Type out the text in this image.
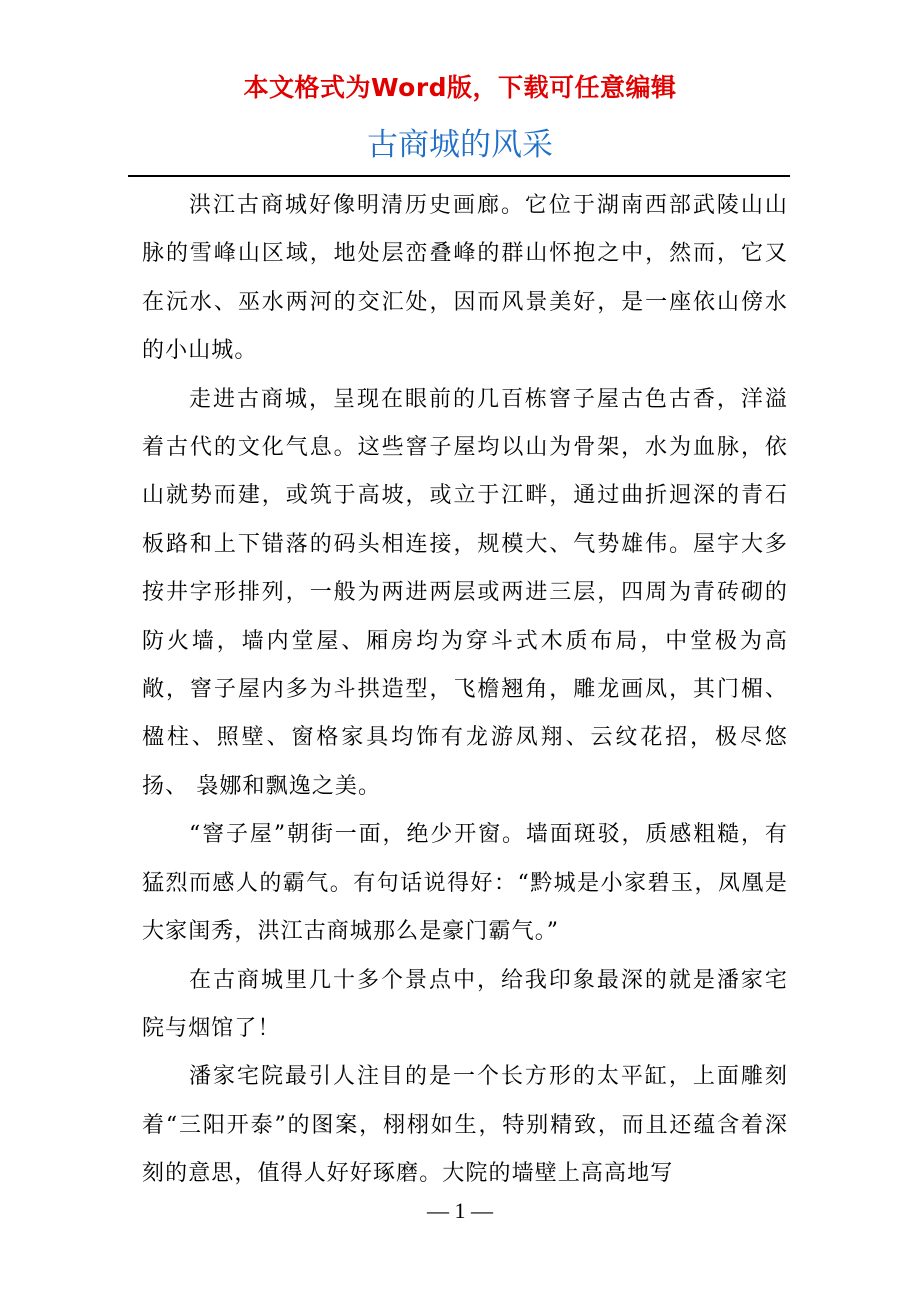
本文格式为Word版，下载可任意编辑
古商城的风采

洪江古商城好像明清历史画廊。它位于湖南西部武陵山山脉的雪峰山区域，地处层峦叠峰的群山怀抱之中，然而，它又在沅水、巫水两河的交汇处，因而风景美好，是一座依山傍水的小山城。

走进古商城，呈现在眼前的几百栋窨子屋古色古香，洋溢着古代的文化气息。这些窨子屋均以山为骨架，水为血脉，依山就势而建，或筑于高坡，或立于江畔，通过曲折迥深的青石板路和上下错落的码头相连接，规模大、气势雄伟。屋宇大多按井字形排列，一般为两进两层或两进三层，四周为青砖砌的防火墙，墙内堂屋、厢房均为穿斗式木质布局，中堂极为高敞，窨子屋内多为斗拱造型，飞檐翘角，雕龙画凤，其门楣、楹柱、照壁、窗格家具均饰有龙游凤翔、云纹花招，极尽悠扬、 袅娜和飘逸之美。

“窨子屋”朝街一面，绝少开窗。墙面斑驳，质感粗糙，有猛烈而感人的霸气。有句话说得好：“黔城是小家碧玉，凤凰是大家闺秀，洪江古商城那么是豪门霸气。”

在古商城里几十多个景点中，给我印象最深的就是潘家宅院与烟馆了！

潘家宅院最引人注目的是一个长方形的太平缸，上面雕刻着“三阳开泰”的图案，栩栩如生，特别精致，而且还蕴含着深刻的意思，值得人好好琢磨。大院的墙壁上高高地写

— 1 —
